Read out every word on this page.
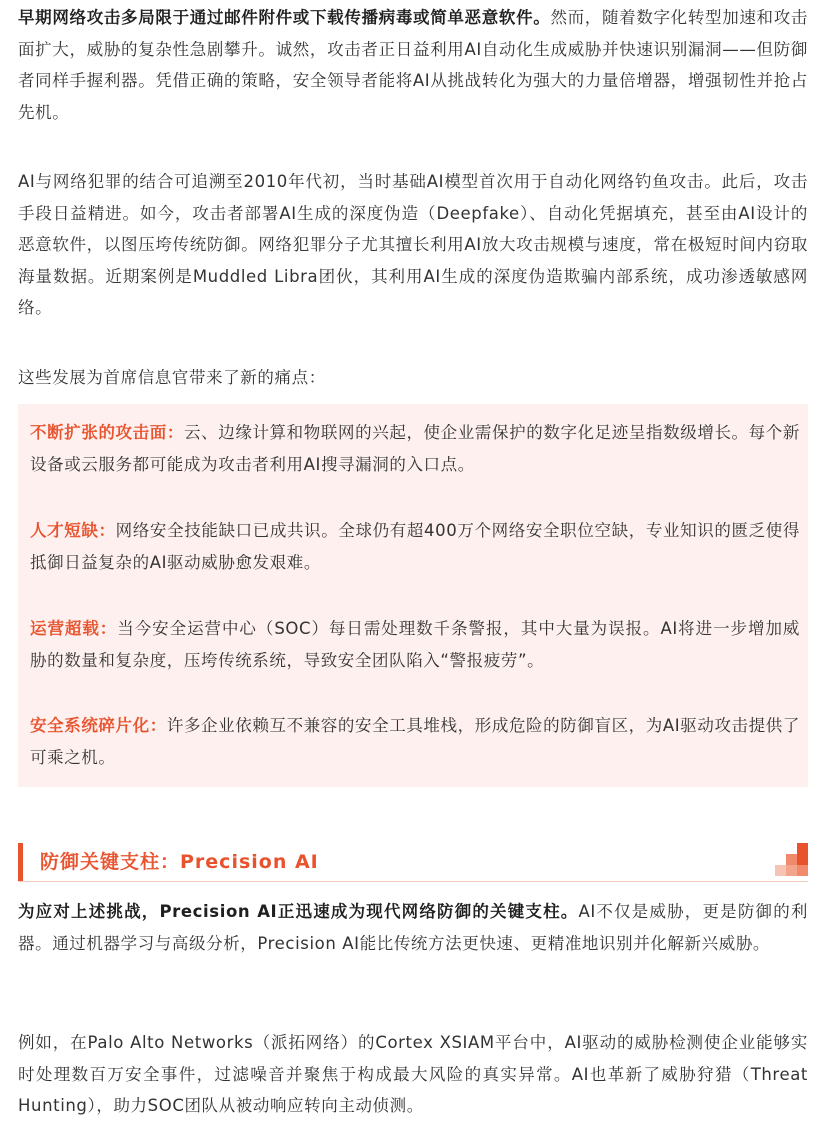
早期网络攻击多局限于通过邮件附件或下载传播病毒或简单恶意软件。然而，随着数字化转型加速和攻击面扩大，威胁的复杂性急剧攀升。诚然，攻击者正日益利用AI自动化生成威胁并快速识别漏洞——但防御者同样手握利器。凭借正确的策略，安全领导者能将AI从挑战转化为强大的力量倍增器，增强韧性并抢占先机。

AI与网络犯罪的结合可追溯至2010年代初，当时基础AI模型首次用于自动化网络钓鱼攻击。此后，攻击手段日益精进。如今，攻击者部署AI生成的深度伪造（Deepfake）、自动化凭据填充，甚至由AI设计的恶意软件，以图压垮传统防御。网络犯罪分子尤其擅长利用AI放大攻击规模与速度，常在极短时间内窃取海量数据。近期案例是Muddled Libra团伙，其利用AI生成的深度伪造欺骗内部系统，成功渗透敏感网络。

这些发展为首席信息官带来了新的痛点：

不断扩张的攻击面：云、边缘计算和物联网的兴起，使企业需保护的数字化足迹呈指数级增长。每个新设备或云服务都可能成为攻击者利用AI搜寻漏洞的入口点。

人才短缺：网络安全技能缺口已成共识。全球仍有超400万个网络安全职位空缺，专业知识的匮乏使得抵御日益复杂的AI驱动威胁愈发艰难。

运营超载：当今安全运营中心（SOC）每日需处理数千条警报，其中大量为误报。AI将进一步增加威胁的数量和复杂度，压垮传统系统，导致安全团队陷入“警报疲劳”。

安全系统碎片化：许多企业依赖互不兼容的安全工具堆栈，形成危险的防御盲区，为AI驱动攻击提供了可乘之机。

防御关键支柱：Precision AI

为应对上述挑战，Precision AI正迅速成为现代网络防御的关键支柱。AI不仅是威胁，更是防御的利器。通过机器学习与高级分析，Precision AI能比传统方法更快速、更精准地识别并化解新兴威胁。

例如，在Palo Alto Networks（派拓网络）的Cortex XSIAM平台中，AI驱动的威胁检测使企业能够实时处理数百万安全事件，过滤噪音并聚焦于构成最大风险的真实异常。AI也革新了威胁狩猎（Threat Hunting），助力SOC团队从被动响应转向主动侦测。
